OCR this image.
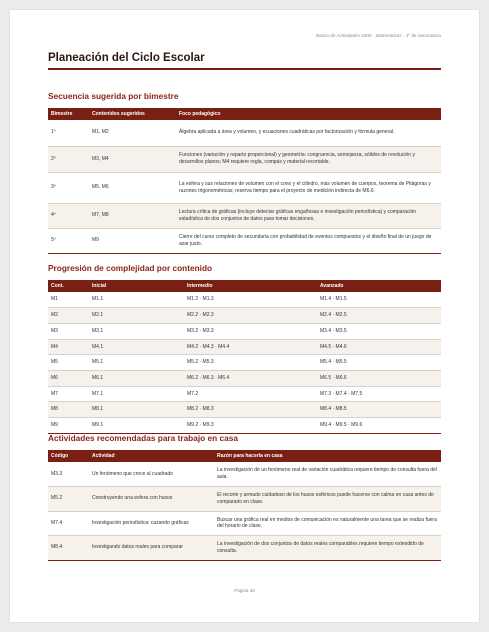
Banco de Actividades NEM · Matemáticas · 3° de Secundaria
Planeación del Ciclo Escolar
Secuencia sugerida por bimestre
Bimestre	Contenidos sugeridos	Foco pedagógico
1º	M1, M2	Álgebra aplicada a área y volumen, y ecuaciones cuadráticas por factorización y fórmula general.
2º	M3, M4	Funciones (variación y reparto proporcional) y geometría: congruencia, semejanza, sólidos de revolución y desarrollos planos; M4 requiere regla, compás y material recortable.
3º	M5, M6	La esfera y sus relaciones de volumen con el cono y el cilindro, más volumen de cuerpos, teorema de Pitágoras y razones trigonométricas; reserva tiempo para el proyecto de medición indirecta de M6.6.
4º	M7, M8	Lectura crítica de gráficas (incluye detectar gráficas engañosas e investigación periodística) y comparación estadística de dos conjuntos de datos para tomar decisiones.
5º	M9	Cierre del curso completo de secundaria con probabilidad de eventos compuestos y el diseño final de un juego de azar justo.
Progresión de complejidad por contenido
Cont.	Inicial	Intermedio	Avanzado
M1	M1.1	M1.2 · M1.3	M1.4 · M1.5
M2	M2.1	M2.2 · M2.3	M2.4 · M2.5
M3	M3.1	M3.2 · M3.3	M3.4 · M3.5
M4	M4.1	M4.2 · M4.3 · M4.4	M4.5 · M4.6
M5	M5.1	M5.2 · M5.3	M5.4 · M5.5
M6	M6.1	M6.2 · M6.3 · M6.4	M6.5 · M6.6
M7	M7.1	M7.2	M7.3 · M7.4 · M7.5
M8	M8.1	M8.2 · M8.3	M8.4 · M8.5
M9	M9.1	M9.2 · M9.3	M9.4 · M9.5 · M9.6
Actividades recomendadas para trabajo en casa
Código	Actividad	Razón para hacerla en casa
M3.3	Un fenómeno que crece al cuadrado	La investigación de un fenómeno real de variación cuadrática requiere tiempo de consulta fuera del aula.
M5.2	Construyendo una esfera con husos	El recorte y armado cuidadoso de los husos esféricos puede hacerse con calma en casa antes de compararlo en clase.
M7.4	Investigación periodística: cazando gráficas	Buscar una gráfica real en medios de comunicación es naturalmente una tarea que se realiza fuera del horario de clase.
M8.4	Investigando datos reales para comparar	La investigación de dos conjuntos de datos reales comparables requiere tiempo extendido de consulta.
Página 40
